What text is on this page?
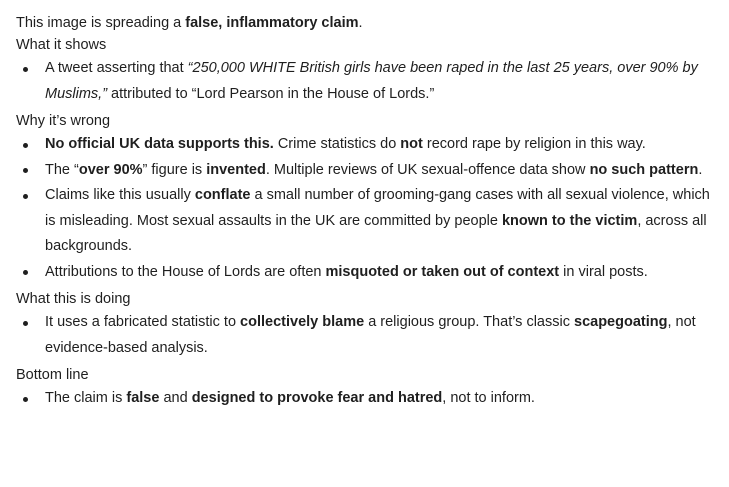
This image is spreading a false, inflammatory claim.

What it shows

A tweet asserting that “250,000 WHITE British girls have been raped in the last 25 years, over 90% by Muslims,” attributed to “Lord Pearson in the House of Lords.”

Why it’s wrong

No official UK data supports this. Crime statistics do not record rape by religion in this way.
The “over 90%” figure is invented. Multiple reviews of UK sexual-offence data show no such pattern.
Claims like this usually conflate a small number of grooming-gang cases with all sexual violence, which is misleading. Most sexual assaults in the UK are committed by people known to the victim, across all backgrounds.
Attributions to the House of Lords are often misquoted or taken out of context in viral posts.

What this is doing

It uses a fabricated statistic to collectively blame a religious group. That’s classic scapegoating, not evidence-based analysis.

Bottom line

The claim is false and designed to provoke fear and hatred, not to inform.
